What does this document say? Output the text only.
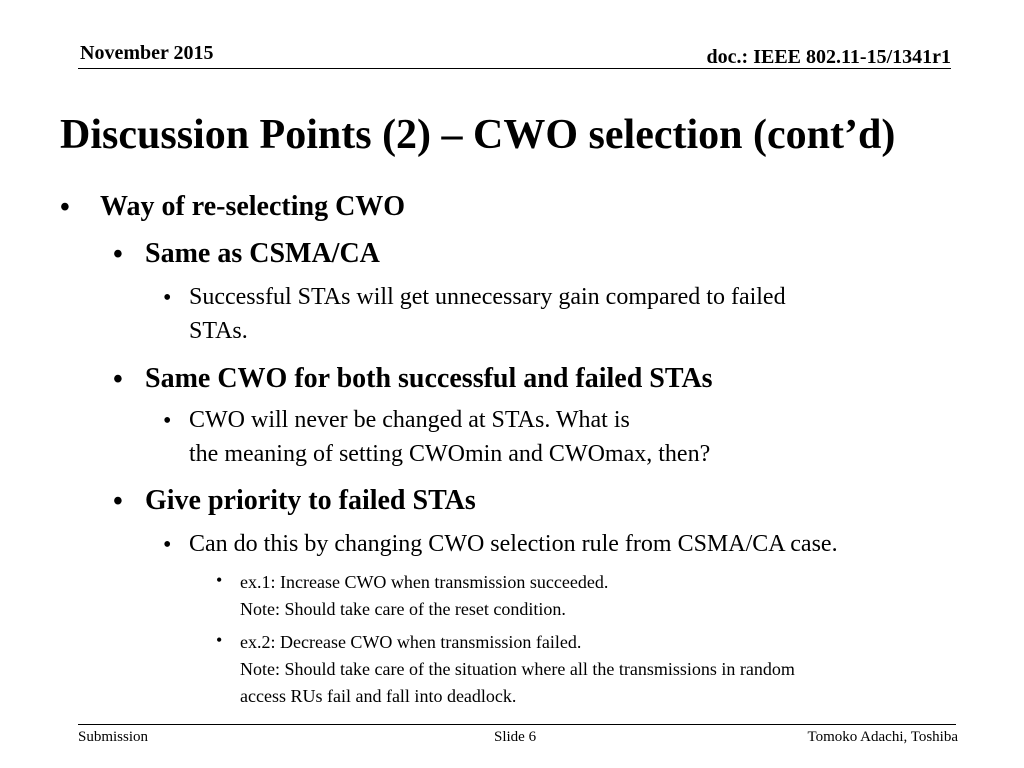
November 2015	doc.: IEEE 802.11-15/1341r1
Discussion Points (2) – CWO selection (cont’d)
• Way of re-selecting CWO
• Same as CSMA/CA
• Successful STAs will get unnecessary gain compared to failed
STAs.
• Same CWO for both successful and failed STAs
• CWO will never be changed at STAs. What is
the meaning of setting CWOmin and CWOmax, then?
• Give priority to failed STAs
• Can do this by changing CWO selection rule from CSMA/CA case.
• ex.1: Increase CWO when transmission succeeded.
Note: Should take care of the reset condition.
• ex.2: Decrease CWO when transmission failed.
Note: Should take care of the situation where all the transmissions in random
access RUs fail and fall into deadlock.
Submission	Slide 6	Tomoko Adachi, Toshiba
